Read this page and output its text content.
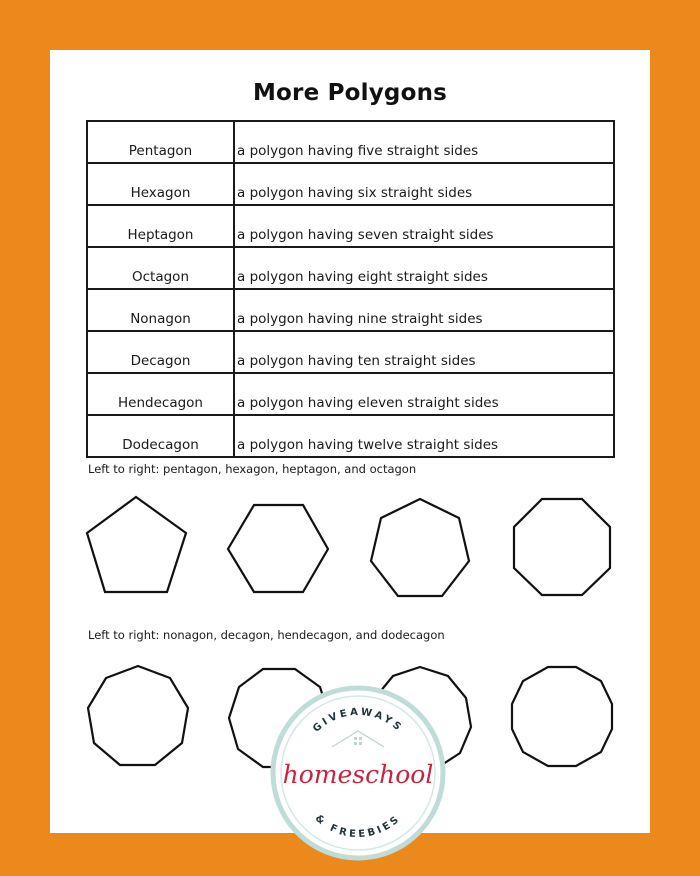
More Polygons
Pentagon	a polygon having five straight sides
Hexagon	a polygon having six straight sides
Heptagon	a polygon having seven straight sides
Octagon	a polygon having eight straight sides
Nonagon	a polygon having nine straight sides
Decagon	a polygon having ten straight sides
Hendecagon	a polygon having eleven straight sides
Dodecagon	a polygon having twelve straight sides
Left to right: pentagon, hexagon, heptagon, and octagon
Left to right: nonagon, decagon, hendecagon, and dodecagon
GIVEAWAYS
homeschool
& FREEBIES
